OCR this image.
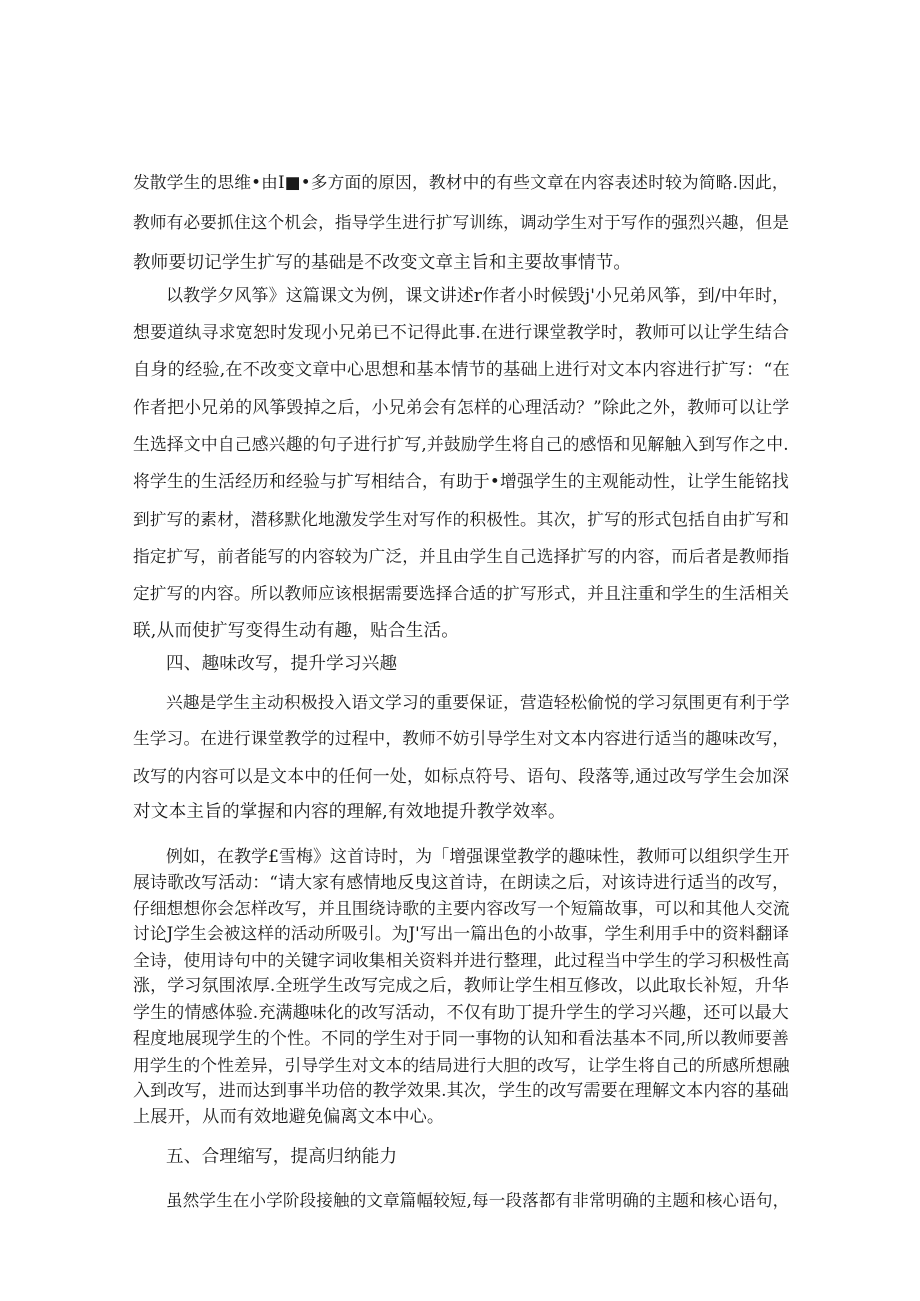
发散学生的思维•由I■•多方面的原因，教材中的有些文章在内容表述时较为简略.因此，
教师有必要抓住这个机会，指导学生进行扩写训练，调动学生对于写作的强烈兴趣，但是
教师要切记学生扩写的基础是不改变文章主旨和主要故事情节。
以教学夕风筝》这篇课文为例，课文讲述r作者小时候毁j'小兄弟风筝，到/中年时，
想要道纨寻求宽恕时发现小兄弟已不记得此事.在进行课堂教学时，教师可以让学生结合
自身的经验,在不改变文章中心思想和基本情节的基础上进行对文本内容进行扩写：“在
作者把小兄弟的风筝毁掉之后，小兄弟会有怎样的心理活动？”除此之外，教师可以让学
生选择文中自己感兴趣的句子进行扩写,并鼓励学生将自己的感悟和见解触入到写作之中.
将学生的生活经历和经验与扩写相结合，有助于•增强学生的主观能动性，让学生能铭找
到扩写的素材，潜移默化地激发学生对写作的积极性。其次，扩写的形式包括自由扩写和
指定扩写，前者能写的内容较为广泛，并且由学生自己选择扩写的内容，而后者是教师指
定扩写的内容。所以教师应该根据需要选择合适的扩写形式，并且注重和学生的生活相关
联,从而使扩写变得生动有趣，贴合生活。
四、趣味改写，提升学习兴趣
兴趣是学生主动积极投入语文学习的重要保证，营造轻松偷悦的学习氛围更有利于学
生学习。在进行课堂教学的过程中，教师不妨引导学生对文本内容进行适当的趣味改写，
改写的内容可以是文本中的任何一处，如标点符号、语句、段落等,通过改写学生会加深
对文本主旨的掌握和内容的理解,有效地提升教学效率。
例如，在教学£雪梅》这首诗时，为「增强课堂教学的趣味性，教师可以组织学生开
展诗歌改写活动：“请大家有感情地反曳这首诗，在朗读之后，对该诗进行适当的改写，
仔细想想你会怎样改写，并且围绕诗歌的主要内容改写一个短篇故事，可以和其他人交流
讨论J学生会被这样的活动所吸引。为J'写出一篇出色的小故事，学生利用手中的资料翻译
全诗，使用诗句中的关键字词收集相关资料并进行整理，此过程当中学生的学习积极性高
涨，学习氛围浓厚.全班学生改写完成之后，教师让学生相互修改，以此取长补短，升华
学生的情感体验.充满趣味化的改写活动，不仅有助丁提升学生的学习兴趣，还可以最大
程度地展现学生的个性。不同的学生对于同一事物的认知和看法基本不同,所以教师要善
用学生的个性差异，引导学生对文本的结局进行大胆的改写，让学生将自己的所感所想融
入到改写，进而达到事半功倍的教学效果.其次，学生的改写需要在理解文本内容的基础
上展开，从而有效地避免偏离文本中心。
五、合理缩写，提高归纳能力
虽然学生在小学阶段接触的文章篇幅较短,每一段落都有非常明确的主题和核心语句，
